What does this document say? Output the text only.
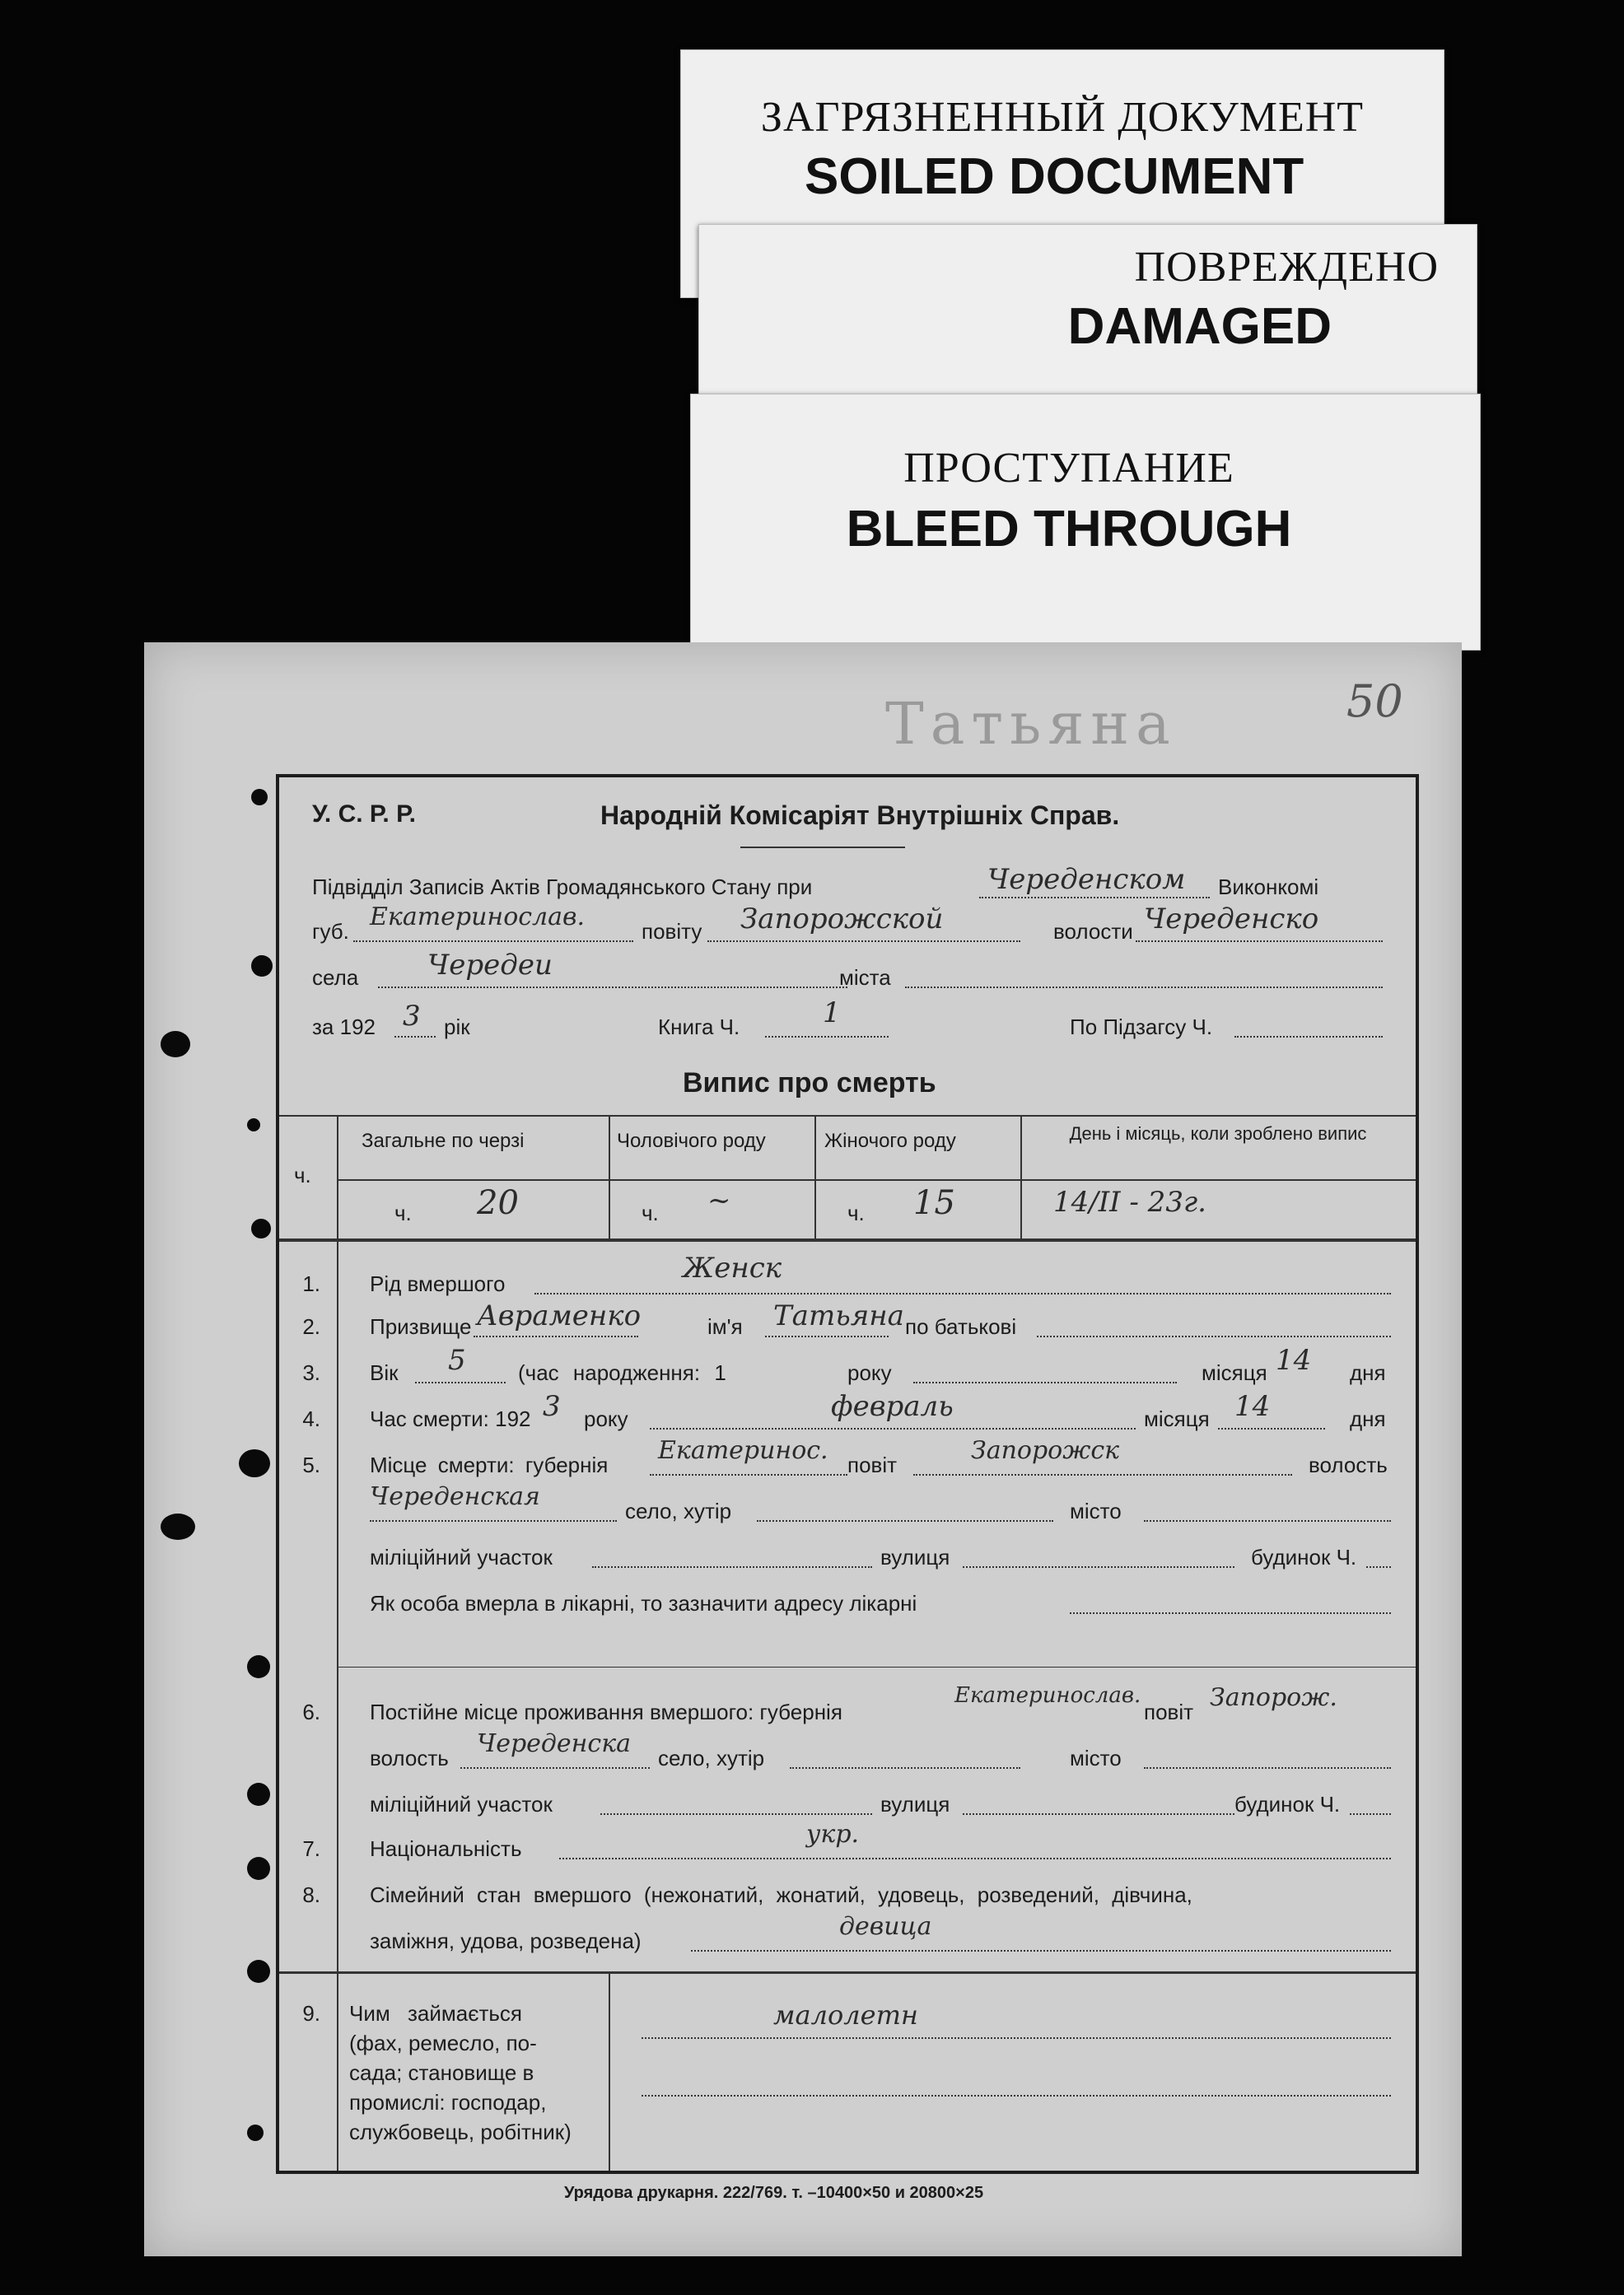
ЗАГРЯЗНЕННЫЙ ДОКУМЕНТ
SOILED DOCUMENT
ПОВРЕЖДЕНО
DAMAGED
ПРОСТУПАНИЕ
BLEED THROUGH
50
Татьяна
У. С. Р. Р.	Народній Комісаріят Внутрішніх Справ.
Підвідділ Записів Актів Громадянського Стану при	Череденском Виконкомі
губ. Екатеринослав.	повіту Запорожской	волости Череденско
села Чередеи	міста
за 192 3 рік	Книга Ч.	1	По Підзагсу Ч.
Випис про смерть
ч.
Загальне по черзі	Чоловічого роду	Жіночого роду	День і місяць, коли зроблено випис
ч. 20	ч. ~	ч. 15	14/II - 23г.
1. Рід вмершого	Женск
2. Призвище Авраменко	ім'я Татьяна по батькові
3. Вік 5 (час народження: 1	року	місяця 14 дня
4. Час смерти: 192 3 року	февраль	місяця 14	дня
5. Місце смерти: губернія Екатеринос. повіт	Запорожск	волость
Череденская	село, хутір	місто
міліційний участок	вулиця	будинок Ч.
Як особа вмерла в лікарні, то зазначити адресу лікарні
6. Постійне місце проживання вмершого: губернія
Екатеринослав.
повіт Запорож.
волость Череденска село, хутір	місто
міліційний участок	вулиця	будинок Ч.
7. Національність	укр.
8. Сімейний стан вмершого (нежонатий, жонатий, удовець, розведений, дівчина,
заміжня, удова, розведена)	девица
9. Чим займається
(фах, ремесло, по-
сада; становище в
промислі: господар,
службовець, робітник)
малолетн
Урядова друкарня. 222/769. т. –10400×50 и 20800×25
